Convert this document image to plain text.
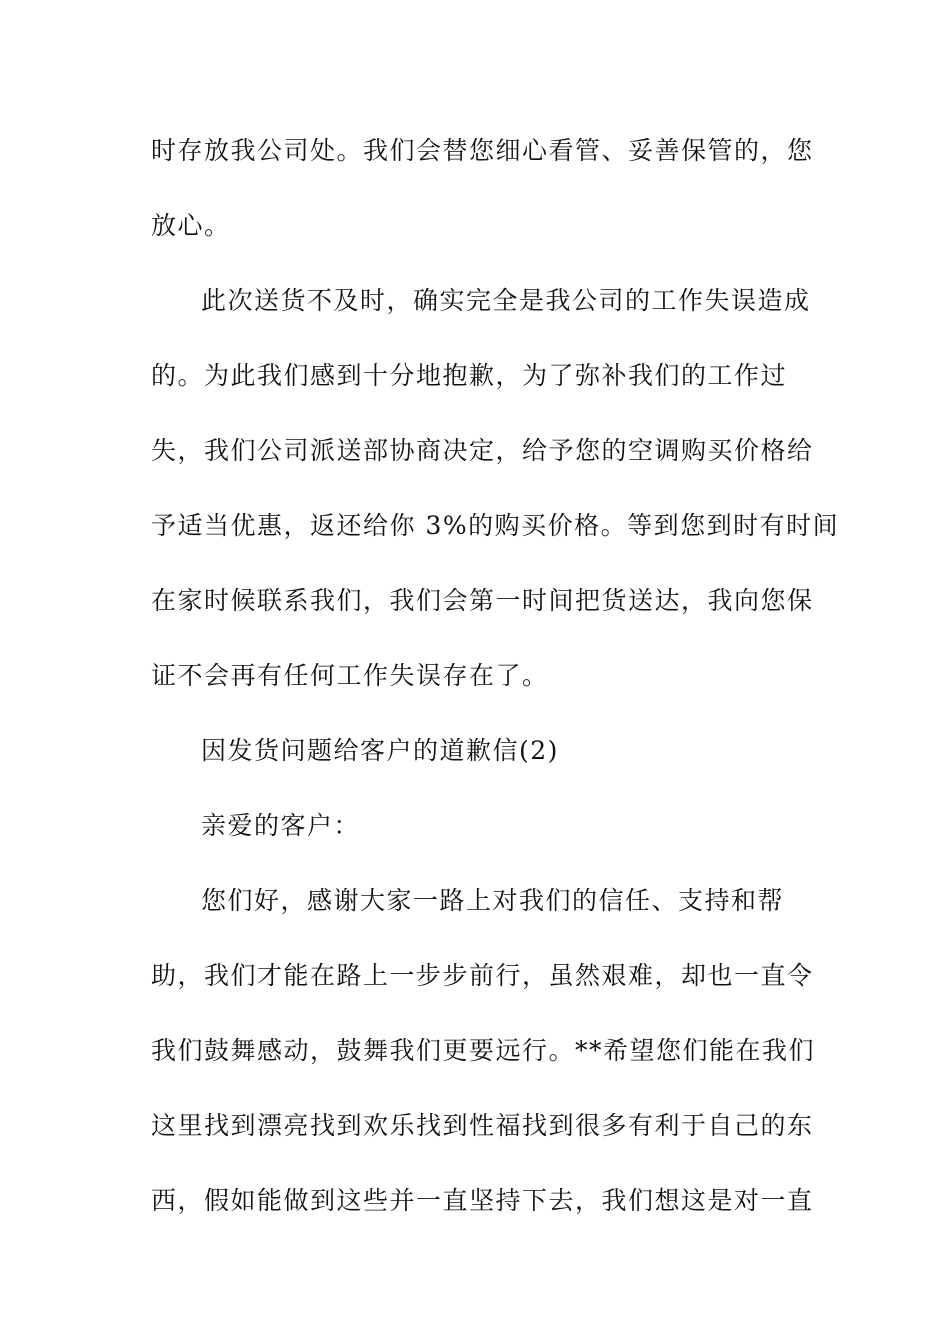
时存放我公司处。我们会替您细心看管、妥善保管的，您

放心。

此次送货不及时，确实完全是我公司的工作失误造成

的。为此我们感到十分地抱歉，为了弥补我们的工作过

失，我们公司派送部协商决定，给予您的空调购买价格给

予适当优惠，返还给你 3%的购买价格。等到您到时有时间

在家时候联系我们，我们会第一时间把货送达，我向您保

证不会再有任何工作失误存在了。

因发货问题给客户的道歉信(2)

亲爱的客户：

您们好，感谢大家一路上对我们的信任、支持和帮

助，我们才能在路上一步步前行，虽然艰难，却也一直令

我们鼓舞感动，鼓舞我们更要远行。**希望您们能在我们

这里找到漂亮找到欢乐找到性福找到很多有利于自己的东

西，假如能做到这些并一直坚持下去，我们想这是对一直
